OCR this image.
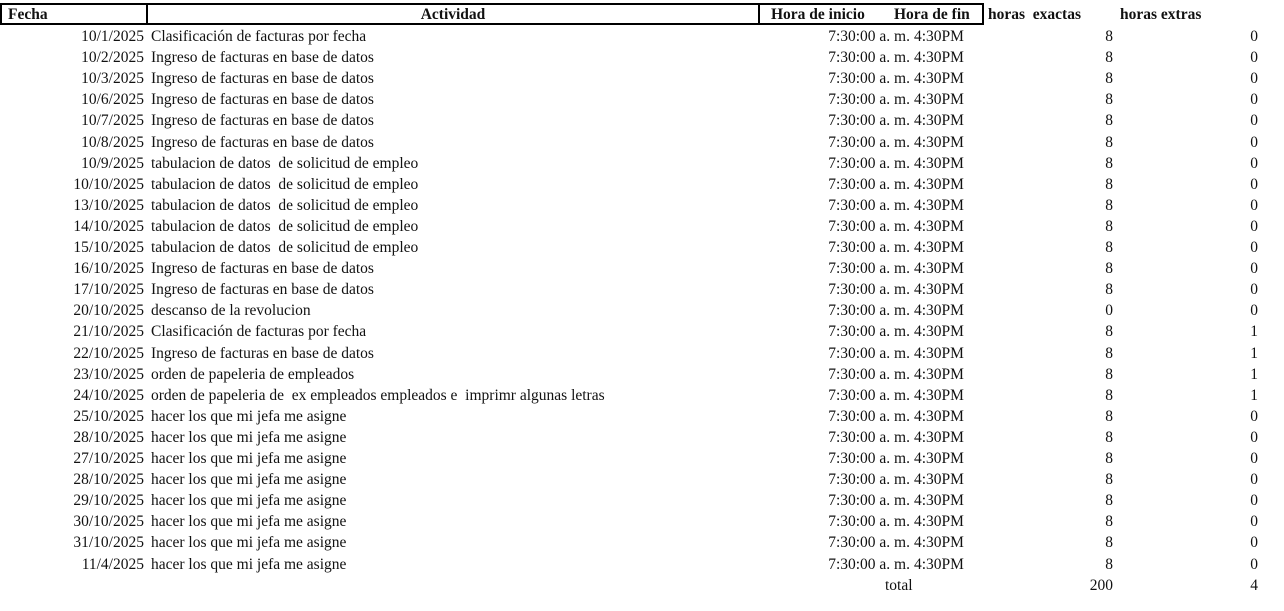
Fecha	Actividad	Hora de inicio Hora de fin horas  exactas	horas extras
10/1/2025 Clasificación de facturas por fecha	7:30:00 a. m. 4:30PM	8	0
10/2/2025 Ingreso de facturas en base de datos	7:30:00 a. m. 4:30PM	8	0
10/3/2025 Ingreso de facturas en base de datos	7:30:00 a. m. 4:30PM	8	0
10/6/2025 Ingreso de facturas en base de datos	7:30:00 a. m. 4:30PM	8	0
10/7/2025 Ingreso de facturas en base de datos	7:30:00 a. m. 4:30PM	8	0
10/8/2025 Ingreso de facturas en base de datos	7:30:00 a. m. 4:30PM	8	0
10/9/2025 tabulacion de datos  de solicitud de empleo	7:30:00 a. m. 4:30PM	8	0
10/10/2025 tabulacion de datos  de solicitud de empleo	7:30:00 a. m. 4:30PM	8	0
13/10/2025 tabulacion de datos  de solicitud de empleo	7:30:00 a. m. 4:30PM	8	0
14/10/2025 tabulacion de datos  de solicitud de empleo	7:30:00 a. m. 4:30PM	8	0
15/10/2025 tabulacion de datos  de solicitud de empleo	7:30:00 a. m. 4:30PM	8	0
16/10/2025 Ingreso de facturas en base de datos	7:30:00 a. m. 4:30PM	8	0
17/10/2025 Ingreso de facturas en base de datos	7:30:00 a. m. 4:30PM	8	0
20/10/2025 descanso de la revolucion	7:30:00 a. m. 4:30PM	0	0
21/10/2025 Clasificación de facturas por fecha	7:30:00 a. m. 4:30PM	8	1
22/10/2025 Ingreso de facturas en base de datos	7:30:00 a. m. 4:30PM	8	1
23/10/2025 orden de papeleria de empleados	7:30:00 a. m. 4:30PM	8	1
24/10/2025 orden de papeleria de  ex empleados empleados e  imprimr algunas letras	7:30:00 a. m. 4:30PM	8	1
25/10/2025 hacer los que mi jefa me asigne	7:30:00 a. m. 4:30PM	8	0
28/10/2025 hacer los que mi jefa me asigne	7:30:00 a. m. 4:30PM	8	0
27/10/2025 hacer los que mi jefa me asigne	7:30:00 a. m. 4:30PM	8	0
28/10/2025 hacer los que mi jefa me asigne	7:30:00 a. m. 4:30PM	8	0
29/10/2025 hacer los que mi jefa me asigne	7:30:00 a. m. 4:30PM	8	0
30/10/2025 hacer los que mi jefa me asigne	7:30:00 a. m. 4:30PM	8	0
31/10/2025 hacer los que mi jefa me asigne	7:30:00 a. m. 4:30PM	8	0
11/4/2025 hacer los que mi jefa me asigne	7:30:00 a. m. 4:30PM	8	0
total	200	4
